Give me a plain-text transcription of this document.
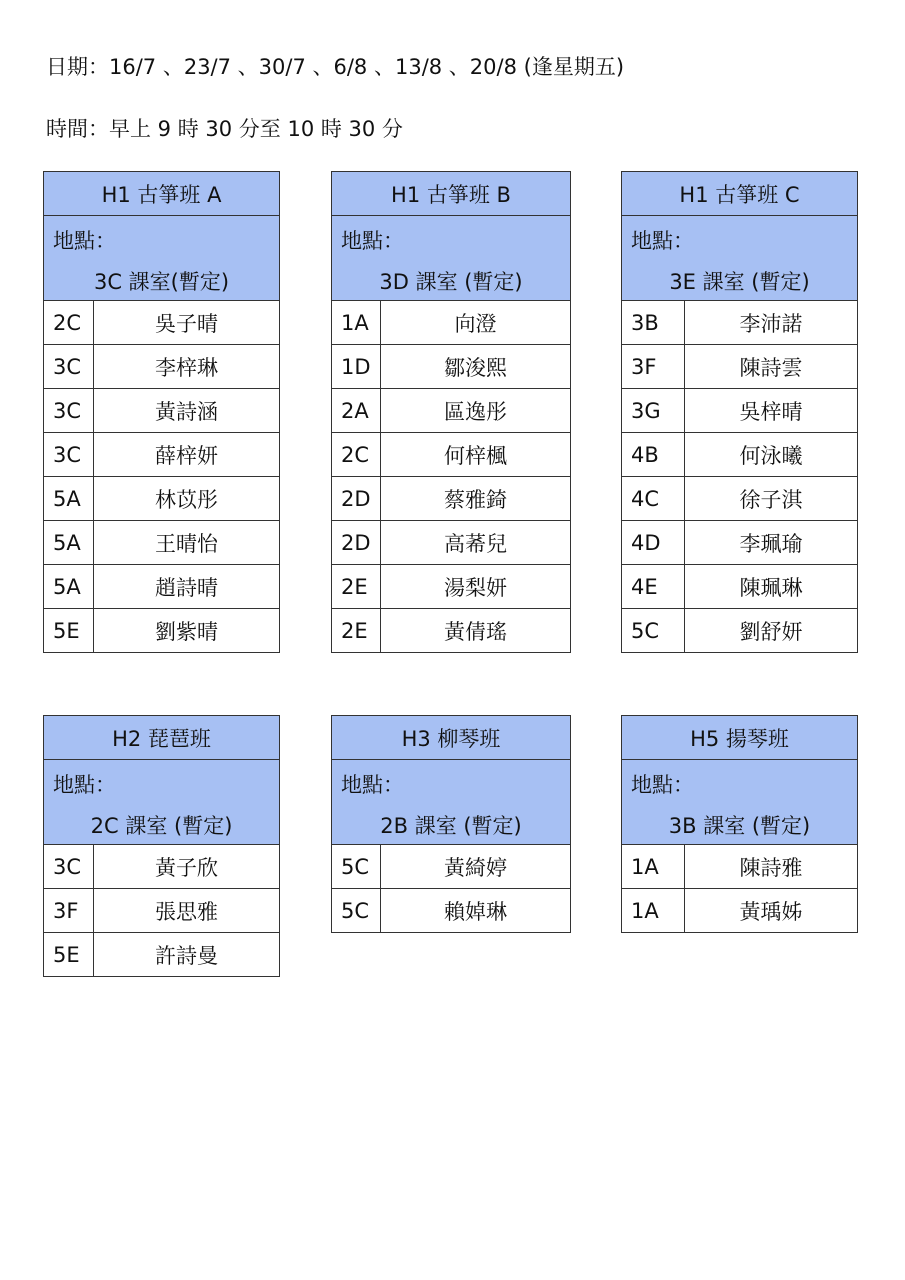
日期：16/7 、23/7 、30/7 、6/8 、13/8 、20/8 (逢星期五)
時間：早上 9 時 30 分至 10 時 30 分
H1 古箏班 A	

地點：
3C 課室(暫定)	

2C	吳子晴
3C	李梓琳
3C	黃詩涵
3C	薛梓妍
5A	林苡彤
5A	王晴怡
5A	趙詩晴
5E	劉紫晴
H1 古箏班 B	

地點：
3D 課室 (暫定)	

1A	向澄
1D	鄒浚熙
2A	區逸彤
2C	何梓楓
2D	蔡雅錡
2D	高莃兒
2E	湯梨妍
2E	黃倩瑤
H1 古箏班 C	

地點：
3E 課室 (暫定)	

3B	李沛諾
3F	陳詩雲
3G	吳梓晴
4B	何泳曦
4C	徐子淇
4D	李珮瑜
4E	陳珮琳
5C	劉舒妍
H2 琵琶班	

地點：
2C 課室 (暫定)	

3C	黃子欣
3F	張思雅
5E	許詩曼
H3 柳琴班	

地點：
2B 課室 (暫定)	

5C	黃綺婷
5C	賴婥琳
H5 揚琴班	

地點：
3B 課室 (暫定)	

1A	陳詩雅
1A	黃瑀姊
